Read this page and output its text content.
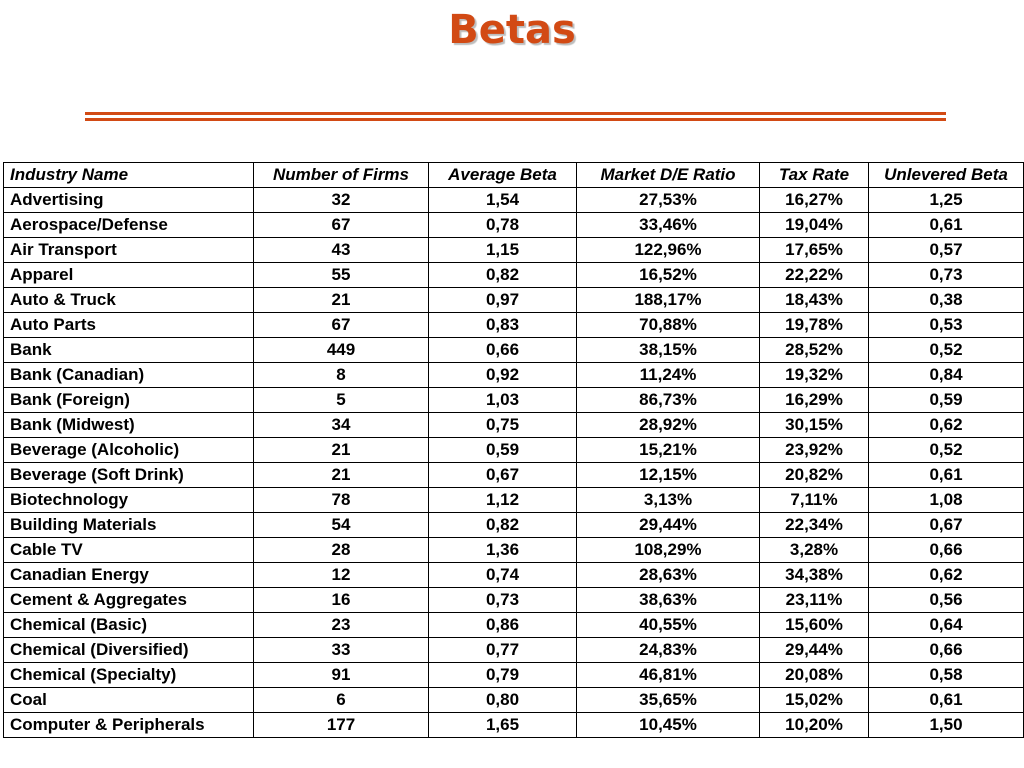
Betas
Industry Name	Number of Firms	Average Beta	Market D/E Ratio	Tax Rate	Unlevered Beta
Advertising	32	1,54	27,53%	16,27%	1,25
Aerospace/Defense	67	0,78	33,46%	19,04%	0,61
Air Transport	43	1,15	122,96%	17,65%	0,57
Apparel	55	0,82	16,52%	22,22%	0,73
Auto & Truck	21	0,97	188,17%	18,43%	0,38
Auto Parts	67	0,83	70,88%	19,78%	0,53
Bank	449	0,66	38,15%	28,52%	0,52
Bank (Canadian)	8	0,92	11,24%	19,32%	0,84
Bank (Foreign)	5	1,03	86,73%	16,29%	0,59
Bank (Midwest)	34	0,75	28,92%	30,15%	0,62
Beverage (Alcoholic)	21	0,59	15,21%	23,92%	0,52
Beverage (Soft Drink)	21	0,67	12,15%	20,82%	0,61
Biotechnology	78	1,12	3,13%	7,11%	1,08
Building Materials	54	0,82	29,44%	22,34%	0,67
Cable TV	28	1,36	108,29%	3,28%	0,66
Canadian Energy	12	0,74	28,63%	34,38%	0,62
Cement & Aggregates	16	0,73	38,63%	23,11%	0,56
Chemical (Basic)	23	0,86	40,55%	15,60%	0,64
Chemical (Diversified)	33	0,77	24,83%	29,44%	0,66
Chemical (Specialty)	91	0,79	46,81%	20,08%	0,58
Coal	6	0,80	35,65%	15,02%	0,61
Computer & Peripherals	177	1,65	10,45%	10,20%	1,50
